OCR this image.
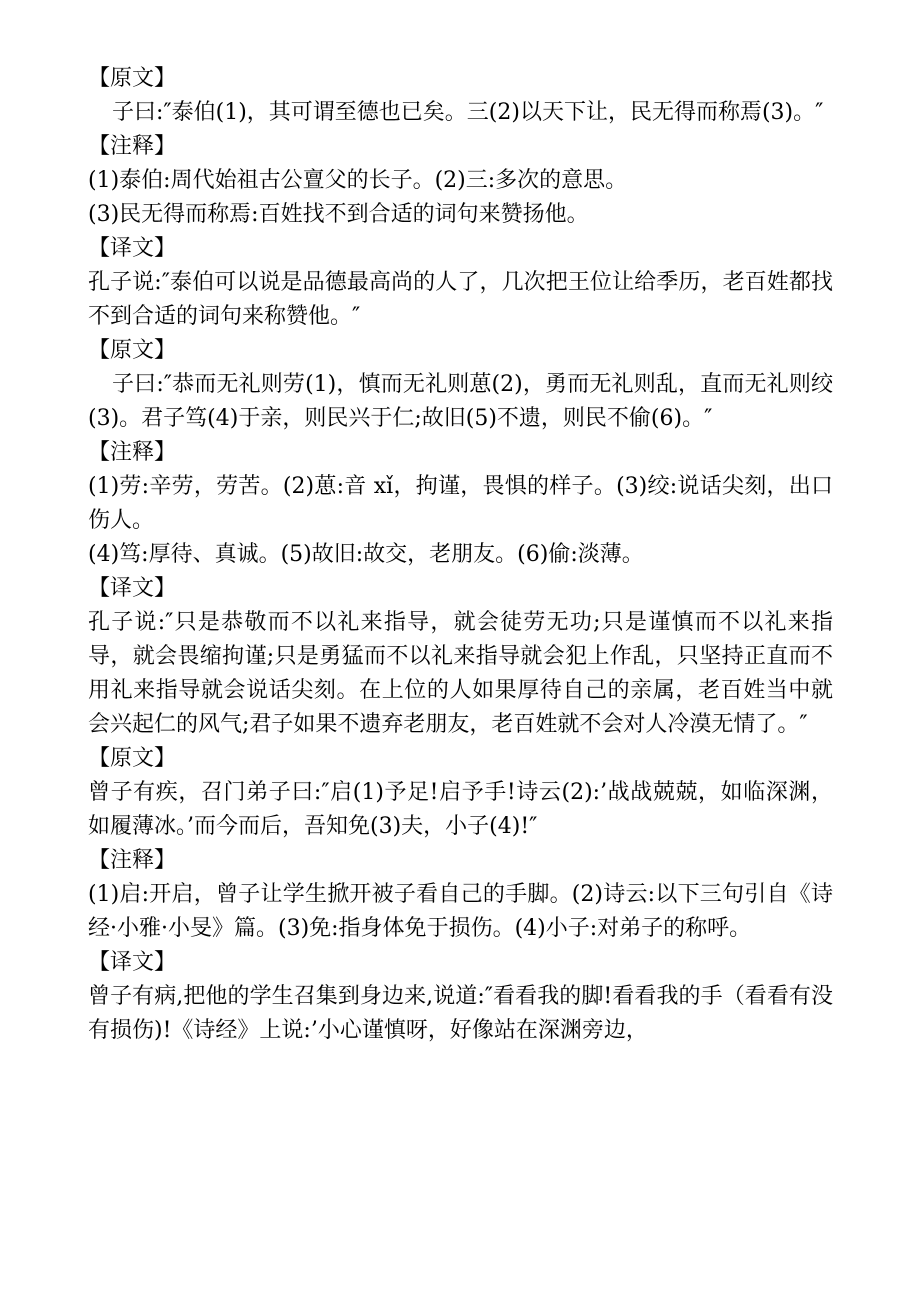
【原文】
子曰:″泰伯(1)，其可谓至德也已矣。三(2)以天下让，民无得而称焉(3)。″
【注释】
(1)泰伯:周代始祖古公亶父的长子。(2)三:多次的意思。
(3)民无得而称焉:百姓找不到合适的词句来赞扬他。
【译文】
孔子说:″泰伯可以说是品德最高尚的人了，几次把王位让给季历，老百姓都找不到合适的词句来称赞他。″
【原文】
子曰:″恭而无礼则劳(1)，慎而无礼则葸(2)，勇而无礼则乱，直而无礼则绞(3)。君子笃(4)于亲，则民兴于仁;故旧(5)不遗，则民不偷(6)。″
【注释】
(1)劳:辛劳，劳苦。(2)葸:音 xǐ，拘谨，畏惧的样子。(3)绞:说话尖刻，出口伤人。
(4)笃:厚待、真诚。(5)故旧:故交，老朋友。(6)偷:淡薄。
【译文】
孔子说:″只是恭敬而不以礼来指导，就会徒劳无功;只是谨慎而不以礼来指导，就会畏缩拘谨;只是勇猛而不以礼来指导就会犯上作乱，只坚持正直而不用礼来指导就会说话尖刻。在上位的人如果厚待自己的亲属，老百姓当中就会兴起仁的风气;君子如果不遗弃老朋友，老百姓就不会对人冷漠无情了。″
【原文】
曾子有疾，召门弟子曰:″启(1)予足!启予手!诗云(2):’战战兢兢，如临深渊，如履薄冰。’而今而后，吾知免(3)夫，小子(4)!″
【注释】
(1)启:开启，曾子让学生掀开被子看自己的手脚。(2)诗云:以下三句引自《诗经·小雅·小旻》篇。(3)免:指身体免于损伤。(4)小子:对弟子的称呼。
【译文】
曾子有病,把他的学生召集到身边来,说道:″看看我的脚!看看我的手（看看有没有损伤)!《诗经》上说:’小心谨慎呀，好像站在深渊旁边，
